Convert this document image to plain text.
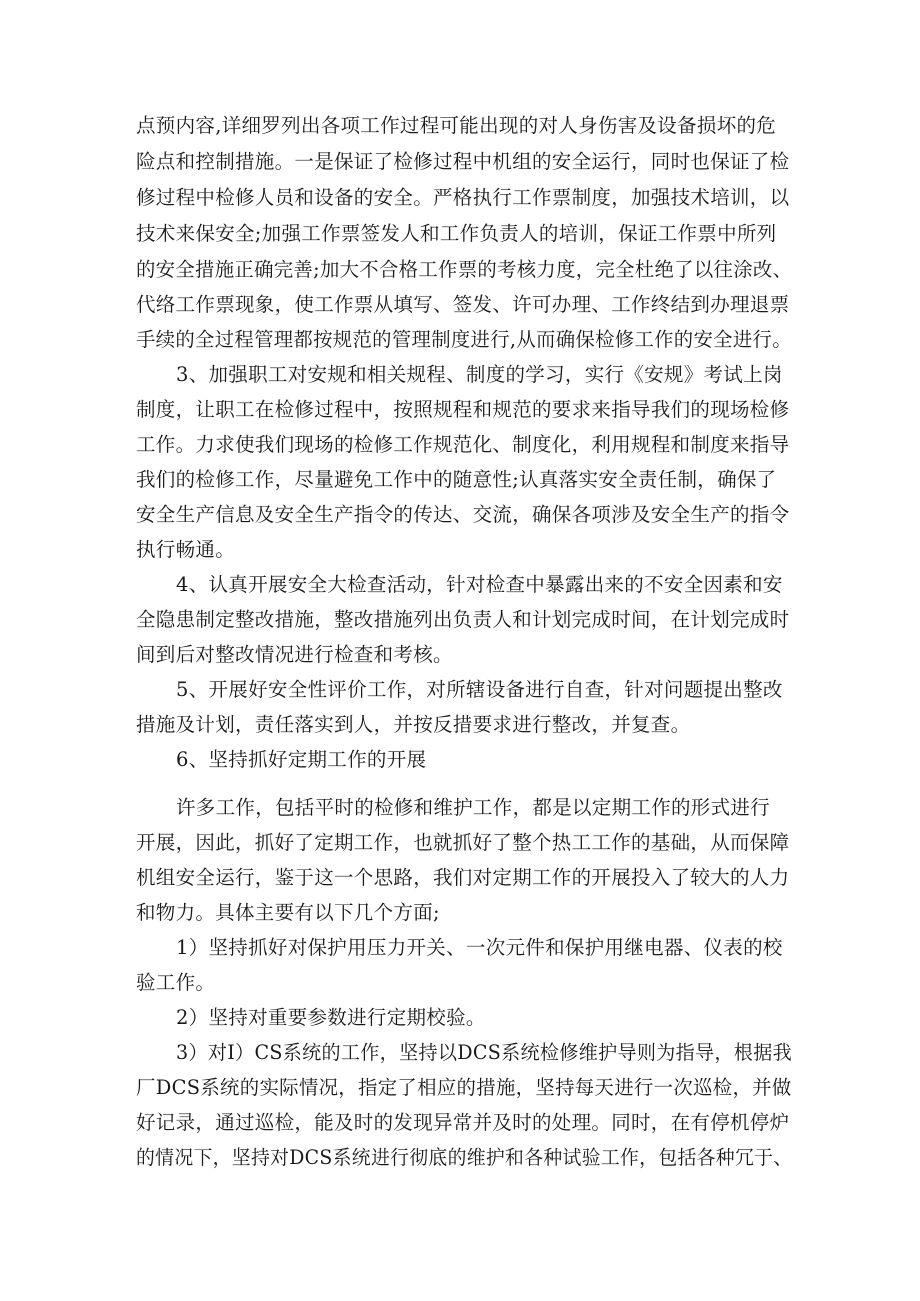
点预内容,详细罗列出各项工作过程可能出现的对人身伤害及设备损坏的危
险点和控制措施。一是保证了检修过程中机组的安全运行，同时也保证了检
修过程中检修人员和设备的安全。严格执行工作票制度，加强技术培训，以
技术来保安全;加强工作票签发人和工作负责人的培训，保证工作票中所列
的安全措施正确完善;加大不合格工作票的考核力度，完全杜绝了以往涂改、
代络工作票现象，使工作票从填写、签发、许可办理、工作终结到办理退票
手续的全过程管理都按规范的管理制度进行,从而确保检修工作的安全进行。
3、加强职工对安规和相关规程、制度的学习，实行《安规》考试上岗
制度，让职工在检修过程中，按照规程和规范的要求来指导我们的现场检修
工作。力求使我们现场的检修工作规范化、制度化，利用规程和制度来指导
我们的检修工作，尽量避免工作中的随意性;认真落实安全责任制，确保了
安全生产信息及安全生产指令的传达、交流，确保各项涉及安全生产的指令
执行畅通。
4、认真开展安全大检查活动，针对检查中暴露出来的不安全因素和安
全隐患制定整改措施，整改措施列出负责人和计划完成时间，在计划完成时
间到后对整改情况进行检查和考核。
5、开展好安全性评价工作，对所辖设备进行自查，针对问题提出整改
措施及计划，责任落实到人，并按反措要求进行整改，并复查。
6、坚持抓好定期工作的开展
许多工作，包括平时的检修和维护工作，都是以定期工作的形式进行
开展，因此，抓好了定期工作，也就抓好了整个热工工作的基础，从而保障
机组安全运行，鉴于这一个思路，我们对定期工作的开展投入了较大的人力
和物力。具体主要有以下几个方面;
1）坚持抓好对保护用压力开关、一次元件和保护用继电器、仪表的校
验工作。
2）坚持对重要参数进行定期校验。
3）对I）CS系统的工作，坚持以DCS系统检修维护导则为指导，根据我
厂DCS系统的实际情况，指定了相应的措施，坚持每天进行一次巡检，并做
好记录，通过巡检，能及时的发现异常并及时的处理。同时，在有停机停炉
的情况下，坚持对DCS系统进行彻底的维护和各种试验工作，包括各种冗于、
